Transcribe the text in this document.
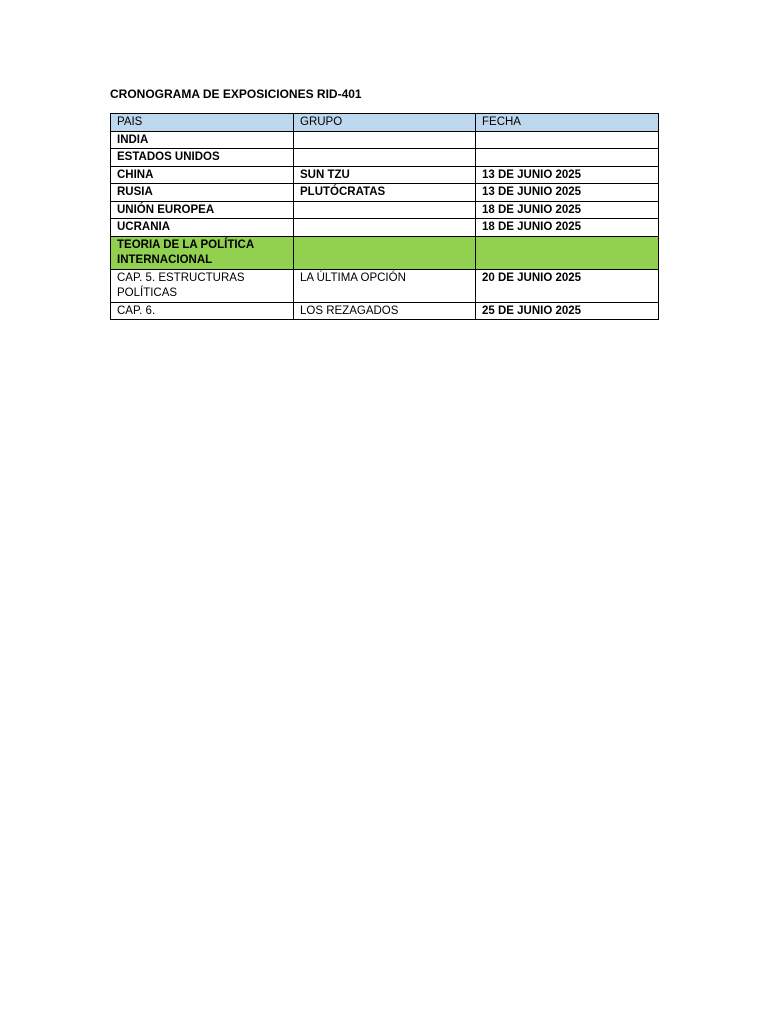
CRONOGRAMA DE EXPOSICIONES RID-401
PAIS	GRUPO	FECHA
INDIA		
ESTADOS UNIDOS		
CHINA	SUN TZU	13 DE JUNIO 2025
RUSIA	PLUTÓCRATAS	13 DE JUNIO 2025
UNIÓN EUROPEA		18 DE JUNIO 2025
UCRANIA		18 DE JUNIO 2025
TEORIA DE LA POLÍTICA INTERNACIONAL		
CAP. 5. ESTRUCTURAS POLÍTICAS	LA ÚLTIMA OPCIÓN	20 DE JUNIO 2025
CAP. 6.	LOS REZAGADOS	25 DE JUNIO 2025
